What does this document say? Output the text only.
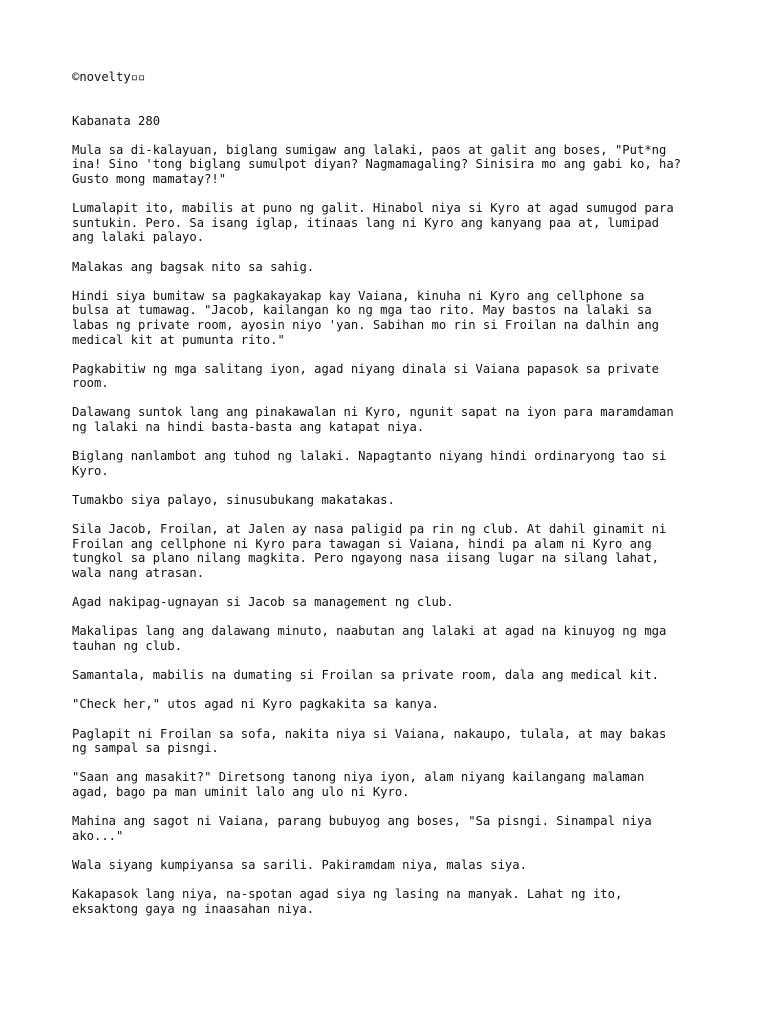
©novelty▫▫

Kabanata 280

Mula sa di-kalayuan, biglang sumigaw ang lalaki, paos at galit ang boses, "Put*ng
ina! Sino 'tong biglang sumulpot diyan? Nagmamagaling? Sinisira mo ang gabi ko, ha?
Gusto mong mamatay?!"

Lumalapit ito, mabilis at puno ng galit. Hinabol niya si Kyro at agad sumugod para
suntukin. Pero. Sa isang iglap, itinaas lang ni Kyro ang kanyang paa at, lumipad
ang lalaki palayo.

Malakas ang bagsak nito sa sahig.

Hindi siya bumitaw sa pagkakayakap kay Vaiana, kinuha ni Kyro ang cellphone sa
bulsa at tumawag. "Jacob, kailangan ko ng mga tao rito. May bastos na lalaki sa
labas ng private room, ayosin niyo 'yan. Sabihan mo rin si Froilan na dalhin ang
medical kit at pumunta rito."

Pagkabitiw ng mga salitang iyon, agad niyang dinala si Vaiana papasok sa private
room.

Dalawang suntok lang ang pinakawalan ni Kyro, ngunit sapat na iyon para maramdaman
ng lalaki na hindi basta-basta ang katapat niya.

Biglang nanlambot ang tuhod ng lalaki. Napagtanto niyang hindi ordinaryong tao si
Kyro.

Tumakbo siya palayo, sinusubukang makatakas.

Sila Jacob, Froilan, at Jalen ay nasa paligid pa rin ng club. At dahil ginamit ni
Froilan ang cellphone ni Kyro para tawagan si Vaiana, hindi pa alam ni Kyro ang
tungkol sa plano nilang magkita. Pero ngayong nasa iisang lugar na silang lahat,
wala nang atrasan.

Agad nakipag-ugnayan si Jacob sa management ng club.

Makalipas lang ang dalawang minuto, naabutan ang lalaki at agad na kinuyog ng mga
tauhan ng club.

Samantala, mabilis na dumating si Froilan sa private room, dala ang medical kit.

"Check her," utos agad ni Kyro pagkakita sa kanya.

Paglapit ni Froilan sa sofa, nakita niya si Vaiana, nakaupo, tulala, at may bakas
ng sampal sa pisngi.

"Saan ang masakit?" Diretsong tanong niya iyon, alam niyang kailangang malaman
agad, bago pa man uminit lalo ang ulo ni Kyro.

Mahina ang sagot ni Vaiana, parang bubuyog ang boses, "Sa pisngi. Sinampal niya
ako..."

Wala siyang kumpiyansa sa sarili. Pakiramdam niya, malas siya.

Kakapasok lang niya, na-spotan agad siya ng lasing na manyak. Lahat ng ito,
eksaktong gaya ng inaasahan niya.
